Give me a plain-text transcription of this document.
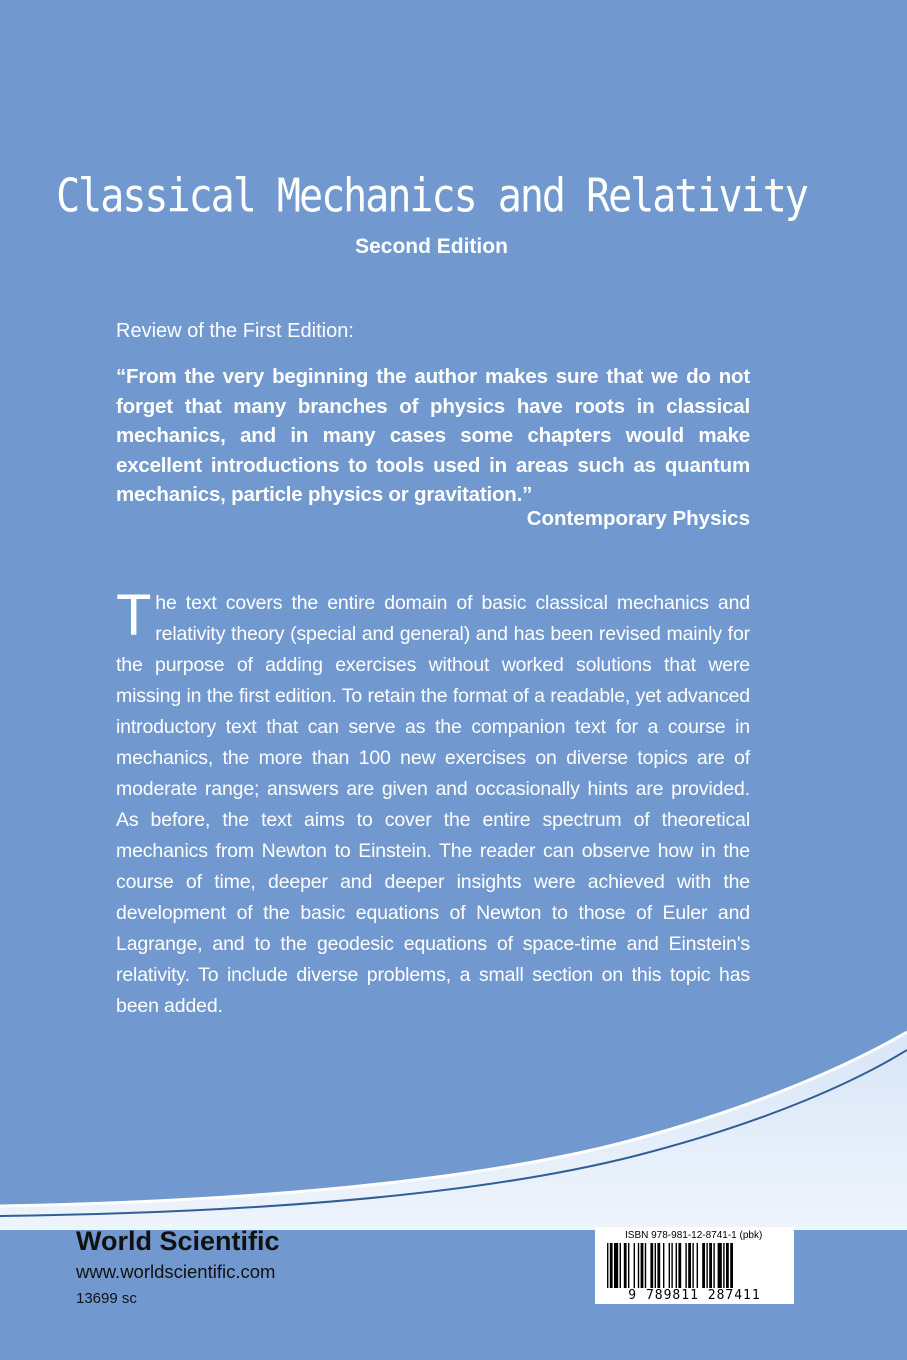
Classical Mechanics and Relativity
Second Edition
Review of the First Edition:
“From the very beginning the author makes sure that we do not forget that many branches of physics have roots in classical mechanics, and in many cases some chapters would make excellent introductions to tools used in areas such as quantum mechanics, particle physics or gravitation.”
Contemporary Physics
The text covers the entire domain of basic classical mechanics and relativity theory (special and general) and has been revised mainly for the purpose of adding exercises without worked solutions that were missing in the first edition. To retain the format of a readable, yet advanced introductory text that can serve as the companion text for a course in mechanics, the more than 100 new exercises on diverse topics are of moderate range; answers are given and occasionally hints are provided. As before, the text aims to cover the entire spectrum of theoretical mechanics from Newton to Einstein. The reader can observe how in the course of time, deeper and deeper insights were achieved with the development of the basic equations of Newton to those of Euler and Lagrange, and to the geodesic equations of space-time and Einstein's relativity. To include diverse problems, a small section on this topic has been added.
World Scientific
www.worldscientific.com
13699 sc
ISBN 978-981-12-8741-1 (pbk)
9 789811 287411
